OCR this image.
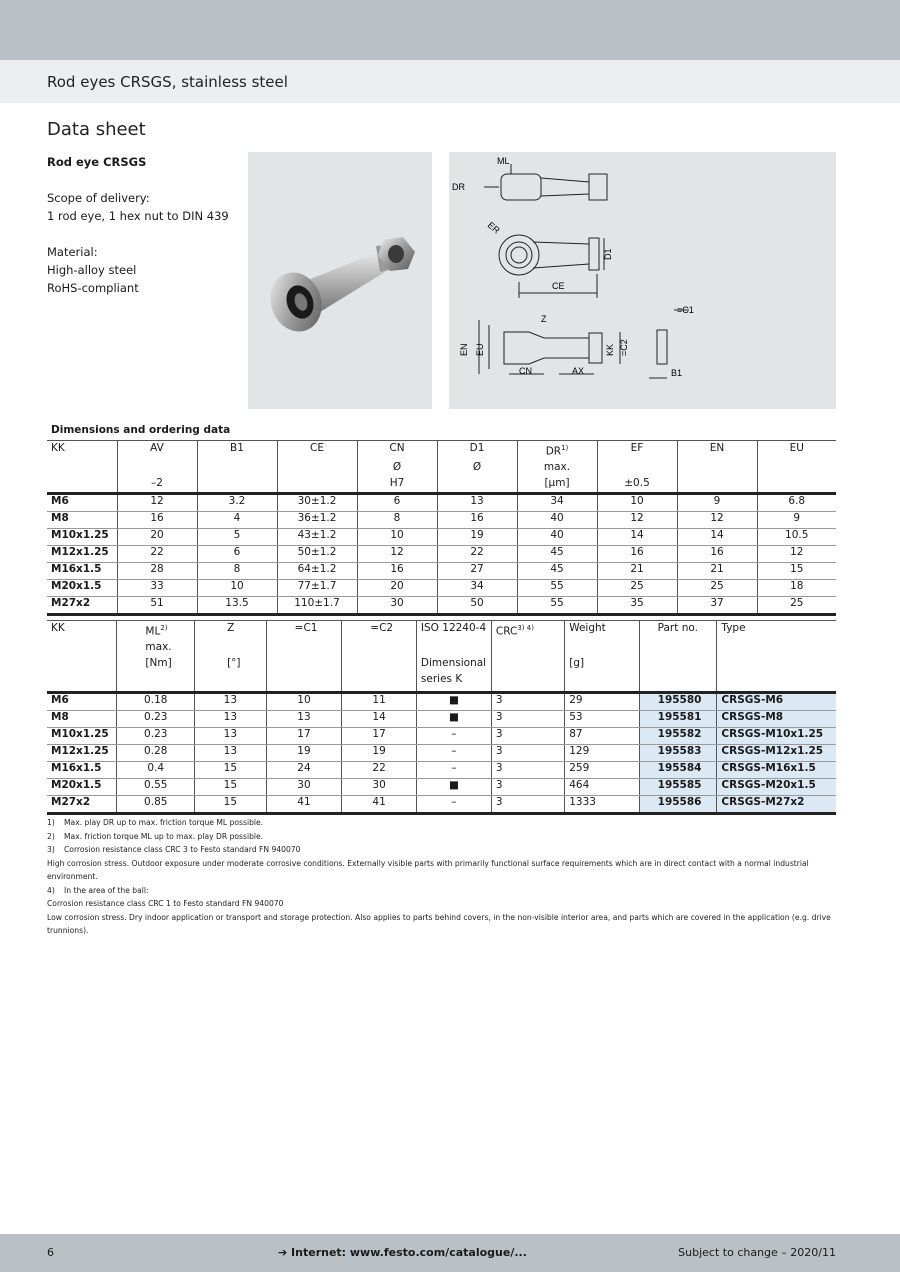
Rod eyes CRSGS, stainless steel
Data sheet
Rod eye CRSGS
Scope of delivery:
1 rod eye, 1 hex nut to DIN 439
Material:
High-alloy steel
RoHS-compliant
ML
DR
ER
D1
CE
Z
=C1
EN EU	KK =C2
CN	AX	B1
Dimensions and ordering data									
KK	AV	B1	CE	CN	D1	DR$^{1)}$	EF	EN	EU
				Ø	Ø	max.			
	–2			H7		[µm]	±0.5		
M6	12	3.2	30±1.2	6	13	34	10	9	6.8
M8	16	4	36±1.2	8	16	40	12	12	9
M10x1.25	20	5	43±1.2	10	19	40	14	14	10.5
M12x1.25	22	6	50±1.2	12	22	45	16	16	12
M16x1.5	28	8	64±1.2	16	27	45	21	21	15
M20x1.5	33	10	77±1.7	20	34	55	25	25	18
M27x2	51	13.5	110±1.7	30	50	55	35	37	25
KK	ML$^{2)}$	Z	=C1	=C2	ISO 12240-4	$CRC^{3) 4)}$	Weight	Part no.	Type
	max.								
	[Nm]	[°]			Dimensional		[g]		
					series K				
M6	0.18	13	10	11	■	3	29	195580	CRSGS-M6
M8	0.23	13	13	14	■	3	53	195581	CRSGS-M8
M10x1.25	0.23	13	17	17	–	3	87	195582	CRSGS-M10x1.25
M12x1.25	0.28	13	19	19	–	3	129	195583	CRSGS-M12x1.25
M16x1.5	0.4	15	24	22	–	3	259	195584	CRSGS-M16x1.5
M20x1.5	0.55	15	30	30	■	3	464	195585	CRSGS-M20x1.5
M27x2	0.85	15	41	41	–	3	1333	195586	CRSGS-M27x2
1)	Max. play DR up to max. friction torque ML possible.
2)	Max. friction torque ML up to max. play DR possible.
3)	Corrosion resistance class CRC 3 to Festo standard FN 940070
High corrosion stress. Outdoor exposure under moderate corrosive conditions. Externally visible parts with primarily functional surface requirements which are in direct contact with a normal industrial environment.
4)	In the area of the ball:
Corrosion resistance class CRC 1 to Festo standard FN 940070
Low corrosion stress. Dry indoor application or transport and storage protection. Also applies to parts behind covers, in the non-visible interior area, and parts which are covered in the application (e.g. drive trunnions).
6	➔ Internet: www.festo.com/catalogue/...	Subject to change – 2020/11
